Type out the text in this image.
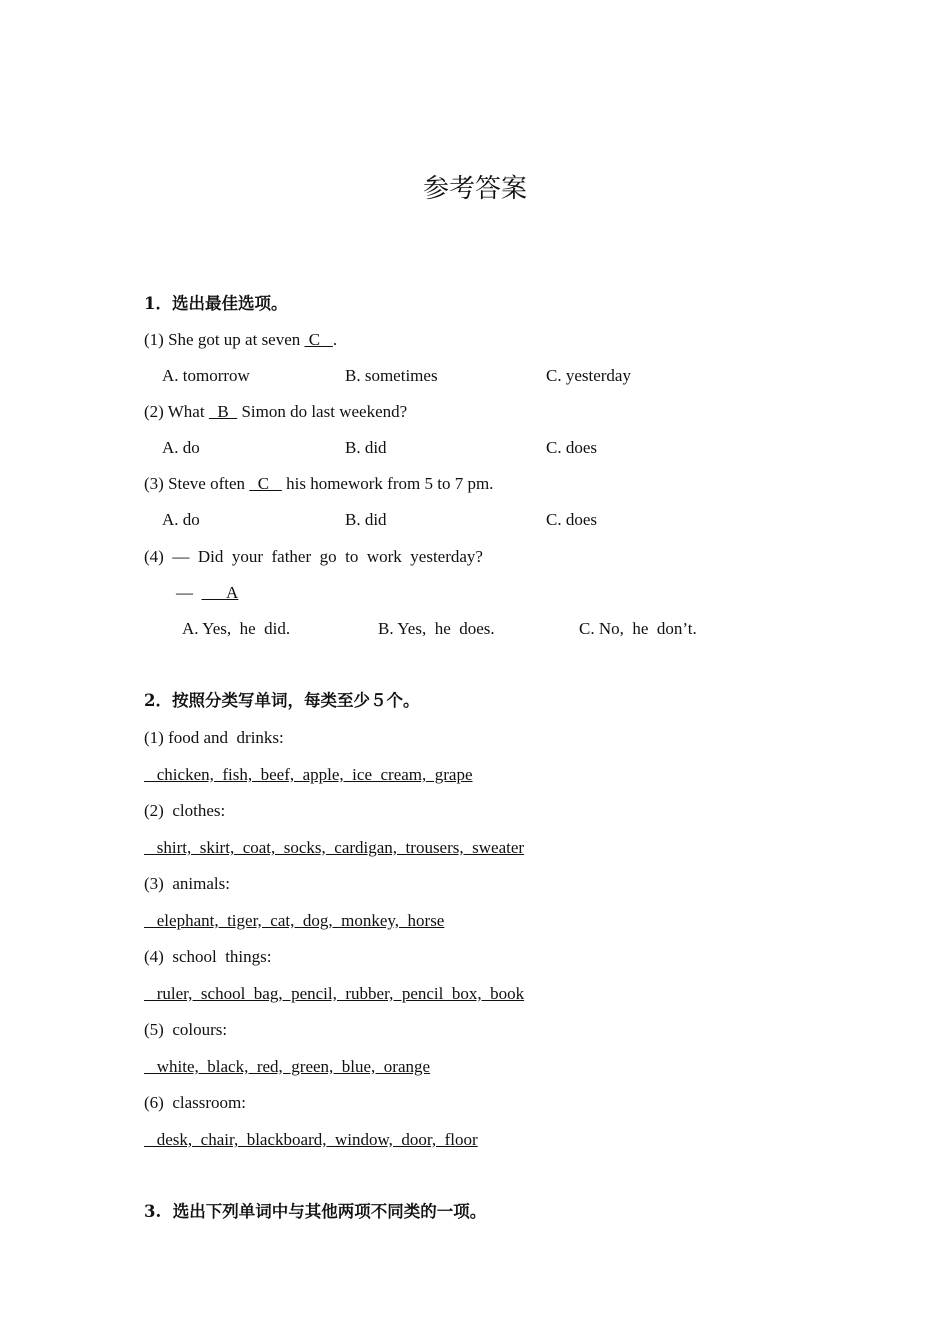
参考答案
1．选出最佳选项。
(1) She got up at seven  C   .
A. tomorrow	B. sometimes	C. yesterday
(2) What   B   Simon do last weekend?
A. do	B. did	C. does
(3) Steve often   C    his homework from 5 to 7 pm.
A. do	B. did	C. does
(4)  —  Did  your  father  go  to  work  yesterday?
—        A
A. Yes,  he  did.	B. Yes,  he  does.	C. No,  he  don’t.
2．按照分类写单词，每类至少５个。
(1) food and  drinks:
chicken,  fish,  beef,  apple,  ice  cream,  grape
(2)  clothes:
shirt,  skirt,  coat,  socks,  cardigan,  trousers,  sweater
(3)  animals:
elephant,  tiger,  cat,  dog,  monkey,  horse
(4)  school  things:
ruler,  school  bag,  pencil,  rubber,  pencil  box,  book
(5)  colours:
white,  black,  red,  green,  blue,  orange
(6)  classroom:
desk,  chair,  blackboard,  window,  door,  floor
3.  选出下列单词中与其他两项不同类的一项。
